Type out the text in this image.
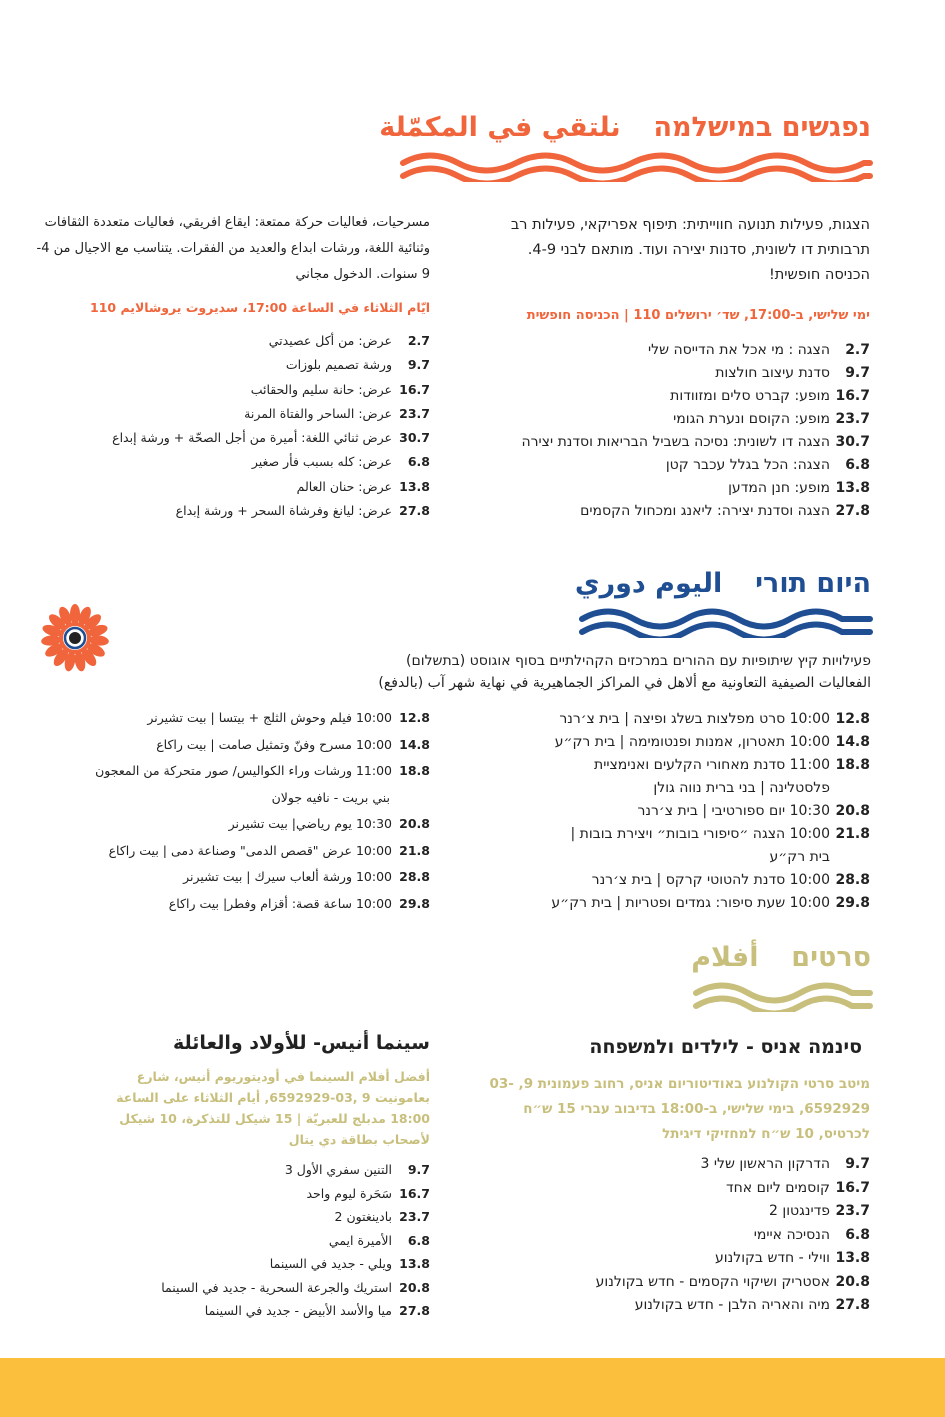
נפגשים במישלמה  نلتقي في المكمّلة
הצגות, פעילות תנועה חווייתית: תיפוף אפריקאי, פעילות רב תרבותית דו לשונית, סדנות יצירה ועוד. מותאם לבני 4-9. הכניסה חופשית!
ימי שלישי, ב-17:00, שד׳ ירושלים 110 | הכניסה חופשית
2.7
הצגה : מי אכל את הדייסה שלי
9.7
סדנת עיצוב חולצות
16.7
מופע: קברט סלים ומזוודות
23.7
מופע: הקוסם ונערת הגומי
30.7
הצגה דו לשונית: נסיכה בשביל הבריאות וסדנת יצירה
6.8
הצגה: הכל בגלל עכבר קטן
13.8
מופע: חנן המדען
27.8
הצגה וסדנת יצירה: ליאנג ומכחול הקסמים
مسرحيات، فعاليات حركة ممتعة: ايقاع افريقي، فعاليات متعددة الثقافات وثنائية اللغة، ورشات ابداع والعديد من الفقرات. يتناسب مع الاجيال من 4-9 سنوات. الدخول مجاني
ايّام الثلاثاء في الساعة 17:00، سديروت يروشالايم 110
2.7
عرض: من أكل عصيدتي
9.7
ورشة تصميم بلوزات
16.7
عرض: حانة سليم والحقائب
23.7
عرض: الساحر والفتاة المرنة
30.7
عرض ثنائي اللغة: أميرة من أجل الصحّة + ورشة إبداع
6.8
عرض: كله بسبب فأر صغير
13.8
عرض: حنان العالم
27.8
عرض: ليانغ وفرشاة السحر + ورشة إبداع
היום תורי  اليوم دوري
פעילויות קיץ שיתופיות עם ההורים במרכזים הקהילתיים בסוף אוגוסט (בתשלום)
الفعاليات الصيفية التعاونية مع ألاهل في المراكز الجماهيرية في نهاية شهر آب (بالدفع)
12.8
10:00 סרט מפלצות בשלג ופיצה | בית צ׳רנר
14.8
10:00 תאטרון, אמנות ופנטומימה | בית רק״ע
18.8
11:00 סדנת מאחורי הקלעים ואנימציית
פלסטלינה | בני ברית נווה גולן
20.8
10:30 יום ספורטיבי | בית צ׳רנר
21.8
10:00 הצגה ״סיפורי בובות״ ויצירת בובות |
בית רק״ע
28.8
10:00 סדנת להטוטי קרקס | בית צ׳רנר
29.8
10:00 שעת סיפור: גמדים ופטריות | בית רק״ע
12.8
10:00 فيلم وحوش الثلج + بيتسا | بيت تشيرنر
14.8
10:00 مسرح وفنّ وتمثيل صامت | بيت راكاع
18.8
11:00 ورشات وراء الكواليس/ صور متحركة من المعجون
بني بريت - نافيه جولان
20.8
10:30 يوم رياضي| بيت تشيرنر
21.8
10:00 عرض "قصص الدمى" وصناعة دمى | بيت راكاع
28.8
10:00 ورشة ألعاب سيرك | بيت تشيرنر
29.8
10:00 ساعة قصة: أقزام وفطر| بيت راكاع
סרטים  أفلام
סינמה אניס - לילדים ולמשפחה
מיטב סרטי הקולנוע באודיטוריום אניס, רחוב פעמונית 9, 03-6592929, בימי שלישי, ב-18:00 בדיבוב עברי 15 ש״ח לכרטיס, 10 ש״ח למחזיקי דיגיתל
9.7
הדרקון הראשון שלי 3
16.7
קוסמים ליום אחד
23.7
פדינגטון 2
6.8
הנסיכה איימי
13.8
ווילי - חדש בקולנוע
20.8
אסטריק ושיקוי הקסמים - חדש בקולנוע
27.8
מיה והאריה הלבן - חדש בקולנוע
سينما أنيس- للأولاد والعائلة
أفضل أفلام السينما في أوديتوريوم أنيس، شارع بعامونيت 9 ,03-6592929, أيام الثلاثاء على الساعة 18:00 مدبلج للعبريّة | 15 شيكل للتذكرة، 10 شيكل لأصحاب بطاقة دي يتال
9.7
التنين سفري الأول 3
16.7
سَحَرة ليوم واحد
23.7
بادينغتون 2
6.8
الأميرة ايمي
13.8
ويلي - جديد في السينما
20.8
استريك والجرعة السحرية - جديد في السينما
27.8
ميا والأسد الأبيض - جديد في السينما
